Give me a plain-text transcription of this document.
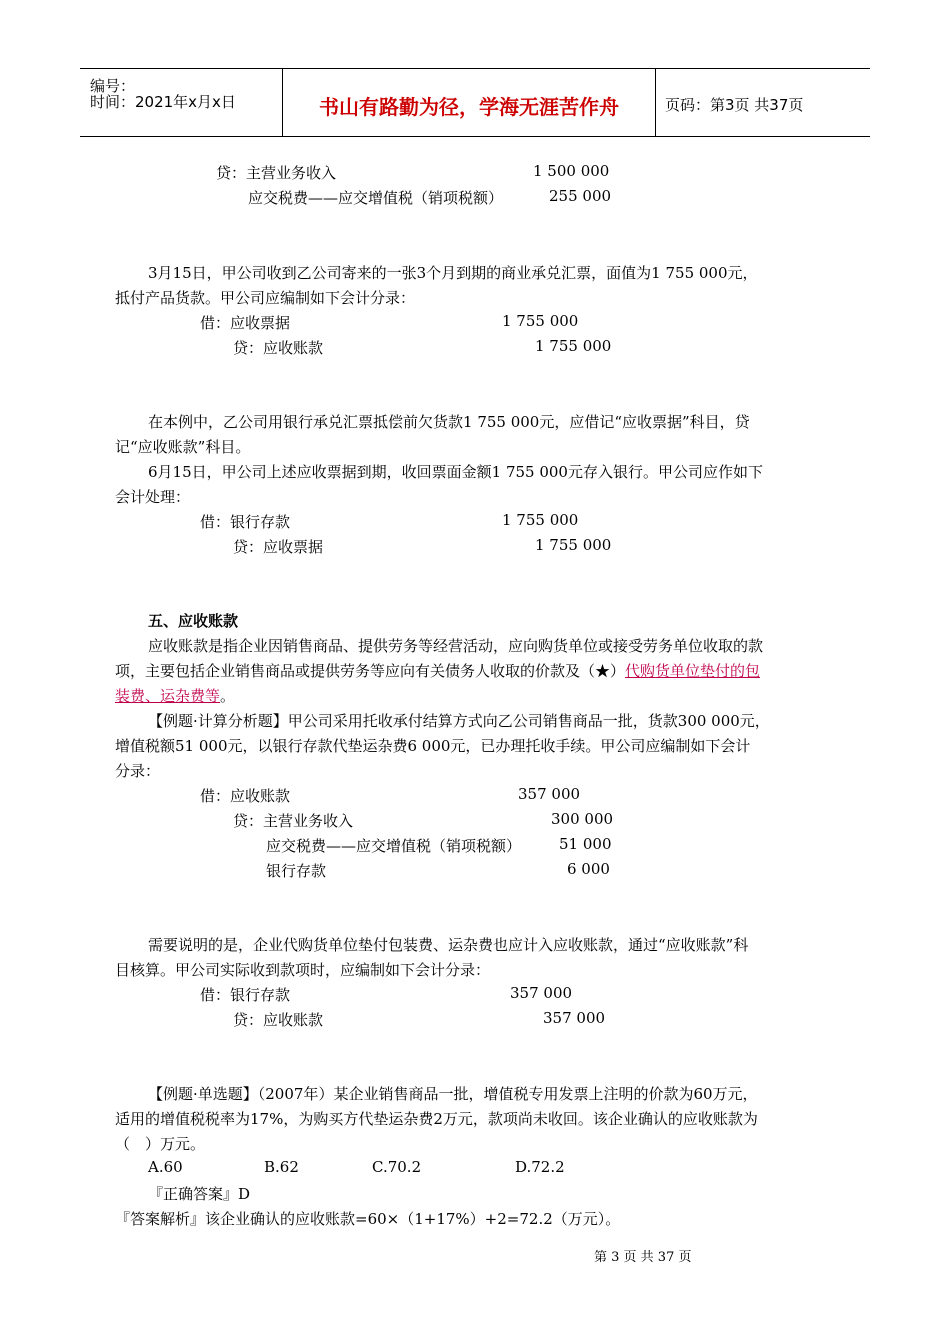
编号：
时间：2021年x月x日	书山有路勤为径，学海无涯苦作舟	页码：第3页 共37页
贷：主营业务收入	1 500 000
应交税费——应交增值税（销项税额）	255 000
3月15日，甲公司收到乙公司寄来的一张3个月到期的商业承兑汇票，面值为1 755 000元，
抵付产品货款。甲公司应编制如下会计分录：
借：应收票据	1 755 000
贷：应收账款	1 755 000
在本例中，乙公司用银行承兑汇票抵偿前欠货款1 755 000元，应借记“应收票据”科目，贷
记“应收账款”科目。
6月15日，甲公司上述应收票据到期，收回票面金额1 755 000元存入银行。甲公司应作如下
会计处理：
借：银行存款	1 755 000
贷：应收票据	1 755 000
五、应收账款
应收账款是指企业因销售商品、提供劳务等经营活动，应向购货单位或接受劳务单位收取的款
项，主要包括企业销售商品或提供劳务等应向有关债务人收取的价款及（★）代购货单位垫付的包
装费、运杂费等。
【例题·计算分析题】甲公司采用托收承付结算方式向乙公司销售商品一批，货款300 000元，
增值税额51 000元，以银行存款代垫运杂费6 000元，已办理托收手续。甲公司应编制如下会计
分录：
借：应收账款	357 000
贷：主营业务收入	300 000
应交税费——应交增值税（销项税额）	51 000
银行存款	6 000
需要说明的是，企业代购货单位垫付包装费、运杂费也应计入应收账款，通过“应收账款”科
目核算。甲公司实际收到款项时，应编制如下会计分录：
借：银行存款	357 000
贷：应收账款	357 000
【例题·单选题】（2007年）某企业销售商品一批，增值税专用发票上注明的价款为60万元，
适用的增值税税率为17%，为购买方代垫运杂费2万元，款项尚未收回。该企业确认的应收账款为
（　）万元。
A.60	B.62	C.70.2	D.72.2
『正确答案』D
『答案解析』该企业确认的应收账款=60×（1+17%）+2=72.2（万元）。
第 3 页 共 37 页
